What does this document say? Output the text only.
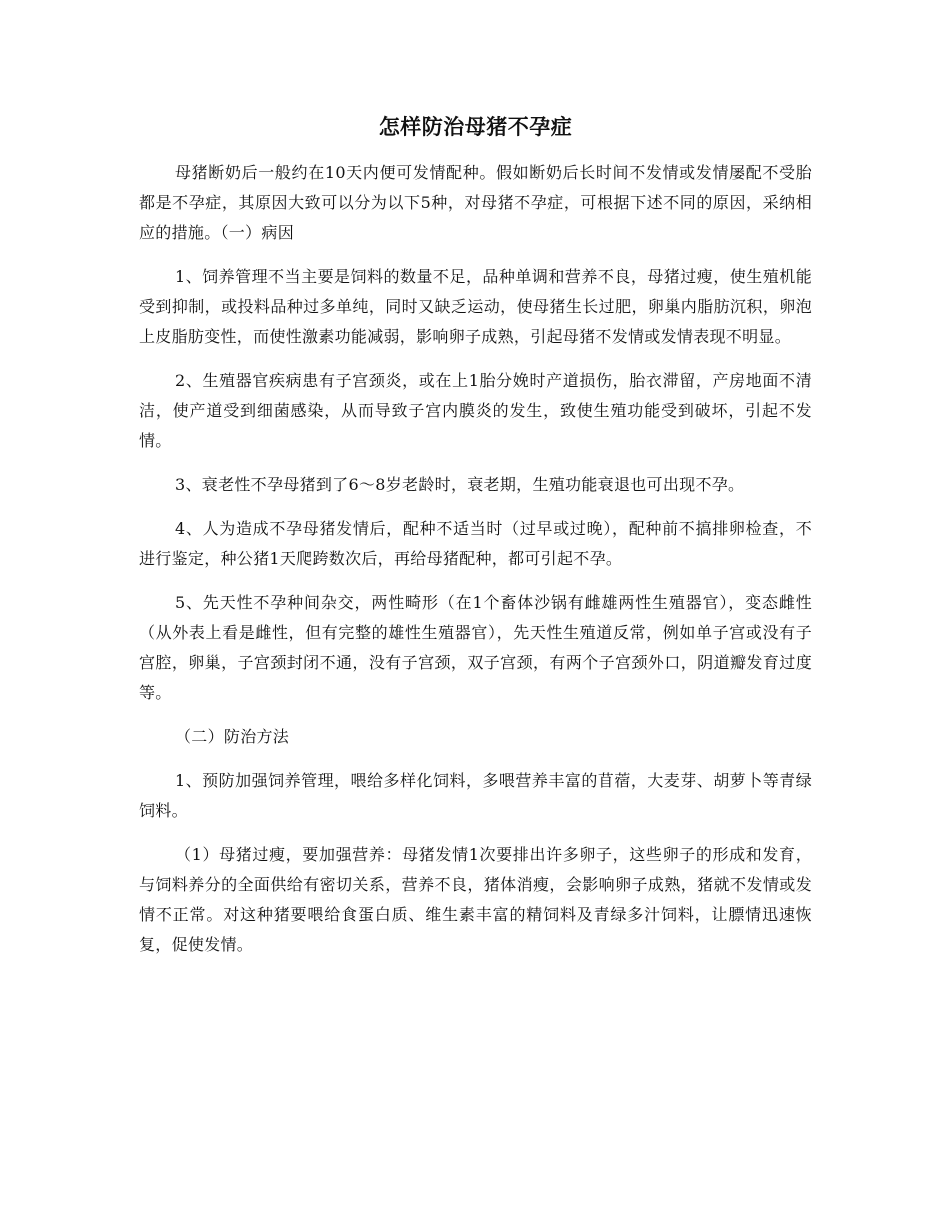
怎样防治母猪不孕症

母猪断奶后一般约在10天内便可发情配种。假如断奶后长时间不发情或发情屡配不受胎都是不孕症，其原因大致可以分为以下5种，对母猪不孕症，可根据下述不同的原因，采纳相应的措施。（一）病因

1、饲养管理不当主要是饲料的数量不足，品种单调和营养不良，母猪过瘦，使生殖机能受到抑制，或投料品种过多单纯，同时又缺乏运动，使母猪生长过肥，卵巢内脂肪沉积，卵泡上皮脂肪变性，而使性激素功能减弱，影响卵子成熟，引起母猪不发情或发情表现不明显。

2、生殖器官疾病患有子宫颈炎，或在上1胎分娩时产道损伤，胎衣滞留，产房地面不清洁，使产道受到细菌感染，从而导致子宫内膜炎的发生，致使生殖功能受到破坏，引起不发情。

3、衰老性不孕母猪到了6～8岁老龄时，衰老期，生殖功能衰退也可出现不孕。

4、人为造成不孕母猪发情后，配种不适当时（过早或过晚），配种前不搞排卵检查，不进行鉴定，种公猪1天爬跨数次后，再给母猪配种，都可引起不孕。

5、先天性不孕种间杂交，两性畸形（在1个畜体沙锅有雌雄两性生殖器官），变态雌性（从外表上看是雌性，但有完整的雄性生殖器官），先天性生殖道反常，例如单子宫或没有子宫腔，卵巢，子宫颈封闭不通，没有子宫颈，双子宫颈，有两个子宫颈外口，阴道瓣发育过度等。

（二）防治方法

1、预防加强饲养管理，喂给多样化饲料，多喂营养丰富的苜蓿，大麦芽、胡萝卜等青绿饲料。

（1）母猪过瘦，要加强营养：母猪发情1次要排出许多卵子，这些卵子的形成和发育，与饲料养分的全面供给有密切关系，营养不良，猪体消瘦，会影响卵子成熟，猪就不发情或发情不正常。对这种猪要喂给食蛋白质、维生素丰富的精饲料及青绿多汁饲料，让膘情迅速恢复，促使发情。
